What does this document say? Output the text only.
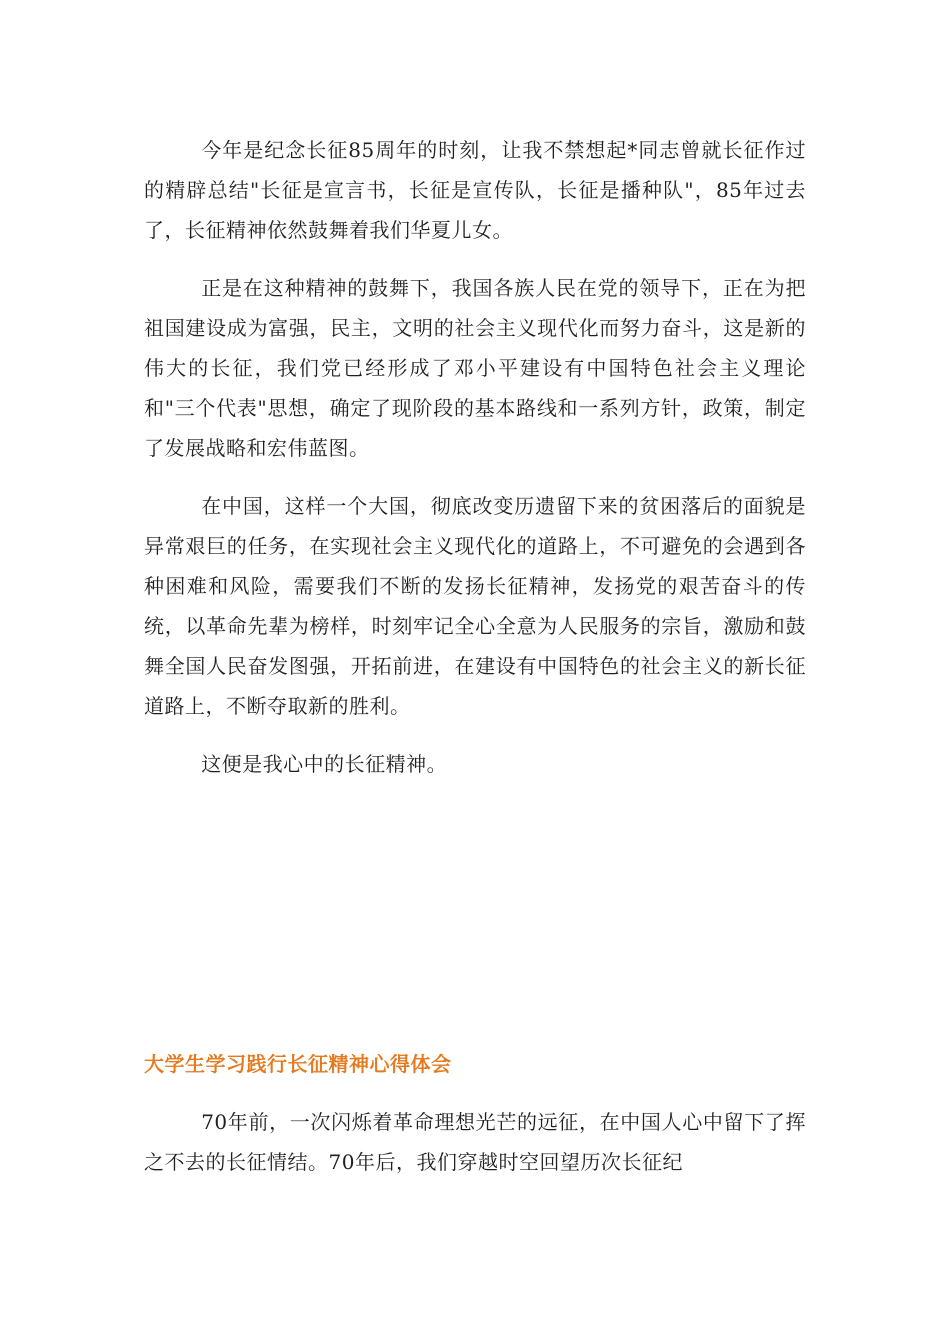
今年是纪念长征85周年的时刻，让我不禁想起*同志曾就长征作过的精辟总结"长征是宣言书，长征是宣传队，长征是播种队"，85年过去了，长征精神依然鼓舞着我们华夏儿女。

正是在这种精神的鼓舞下，我国各族人民在党的领导下，正在为把祖国建设成为富强，民主，文明的社会主义现代化而努力奋斗，这是新的伟大的长征，我们党已经形成了邓小平建设有中国特色社会主义理论和"三个代表"思想，确定了现阶段的基本路线和一系列方针，政策，制定了发展战略和宏伟蓝图。

在中国，这样一个大国，彻底改变历遗留下来的贫困落后的面貌是异常艰巨的任务，在实现社会主义现代化的道路上，不可避免的会遇到各种困难和风险，需要我们不断的发扬长征精神，发扬党的艰苦奋斗的传统，以革命先辈为榜样，时刻牢记全心全意为人民服务的宗旨，激励和鼓舞全国人民奋发图强，开拓前进，在建设有中国特色的社会主义的新长征道路上，不断夺取新的胜利。

这便是我心中的长征精神。

大学生学习践行长征精神心得体会

70年前，一次闪烁着革命理想光芒的远征，在中国人心中留下了挥之不去的长征情结。70年后，我们穿越时空回望历次长征纪
